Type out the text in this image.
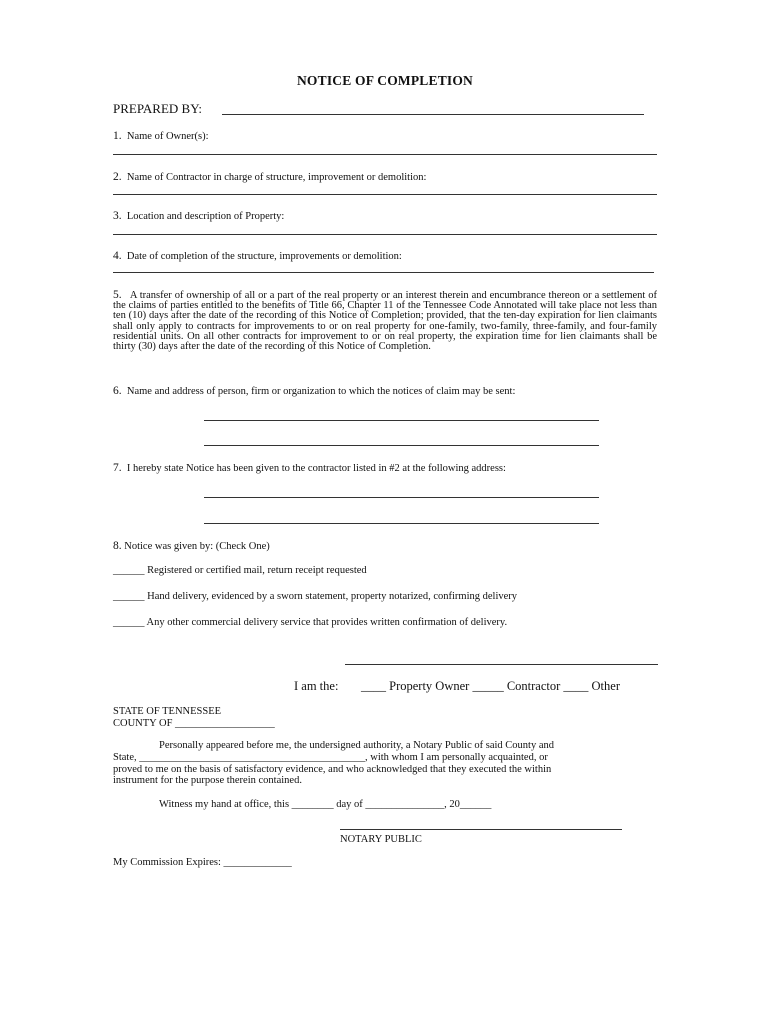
NOTICE OF COMPLETION
PREPARED BY:
1. Name of Owner(s):
2. Name of Contractor in charge of structure, improvement or demolition:
3. Location and description of Property:
4. Date of completion of the structure, improvements or demolition:
5. A transfer of ownership of all or a part of the real property or an interest therein and encumbrance thereon or a settlement of the claims of parties entitled to the benefits of Title 66, Chapter 11 of the Tennessee Code Annotated will take place not less than ten (10) days after the date of the recording of this Notice of Completion; provided, that the ten-day expiration for lien claimants shall only apply to contracts for improvements to or on real property for one-family, two-family, three-family, and four-family residential units. On all other contracts for improvement to or on real property, the expiration time for lien claimants shall be thirty (30) days after the date of the recording of this Notice of Completion.
6. Name and address of person, firm or organization to which the notices of claim may be sent:
7. I hereby state Notice has been given to the contractor listed in #2 at the following address:
8. Notice was given by: (Check One)
______ Registered or certified mail, return receipt requested
______ Hand delivery, evidenced by a sworn statement, property notarized, confirming delivery
______ Any other commercial delivery service that provides written confirmation of delivery.
I am the: ____ Property Owner _____ Contractor ____ Other
STATE OF TENNESSEE
COUNTY OF ___________________
Personally appeared before me, the undersigned authority, a Notary Public of said County and
State, ___________________________________________, with whom I am personally acquainted, or
proved to me on the basis of satisfactory evidence, and who acknowledged that they executed the within
instrument for the purpose therein contained.
Witness my hand at office, this ________ day of _______________, 20______
NOTARY PUBLIC
My Commission Expires: _____________
